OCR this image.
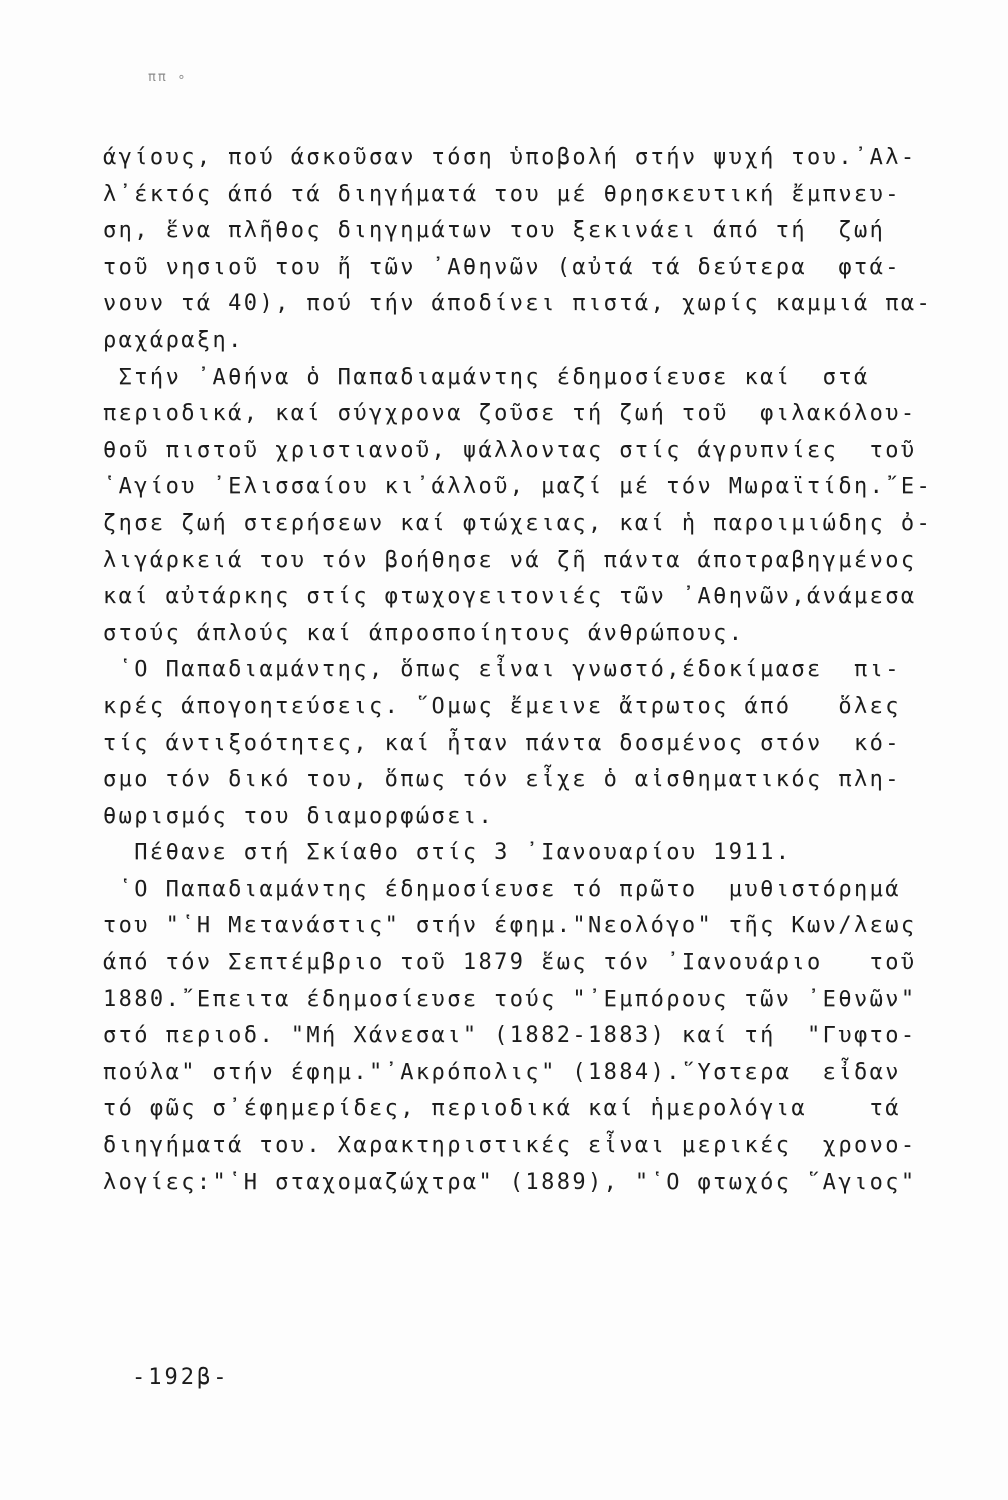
ππ ∘
άγίους, πού άσκοῦσαν τόση ὑποβολή στήν ψυχή του.᾿Αλ-
λ᾿έκτός άπό τά διηγήματά του μέ θρησκευτική ἔμπνευ-
ση, ἕνα πλῆθος διηγημάτων του ξεκινάει άπό τή  ζωή
τοῦ νησιοῦ του ἤ τῶν ᾿Αθηνῶν (αὐτά τά δεύτερα  φτά-
νουν τά 40), πού τήν άποδίνει πιστά, χωρίς καμμιά πα-
ραχάραξη.
Στήν ᾿Αθήνα ὁ Παπαδιαμάντης έδημοσίευσε καί  στά
περιοδικά, καί σύγχρονα ζοῦσε τή ζωή τοῦ  φιλακόλου-
θοῦ πιστοῦ χριστιανοῦ, ψάλλοντας στίς άγρυπνίες  τοῦ
῾Αγίου ᾿Ελισσαίου κι᾿άλλοῦ, μαζί μέ τόν Μωραϊτίδη.῎Ε-
ζησε ζωή στερήσεων καί φτώχειας, καί ἡ παροιμιώδης ὀ-
λιγάρκειά του τόν βοήθησε νά ζῆ πάντα άποτραβηγμένος
καί αὐτάρκης στίς φτωχογειτονιές τῶν ᾿Αθηνῶν,άνάμεσα
στούς άπλούς καί άπροσποίητους άνθρώπους.
῾Ο Παπαδιαμάντης, ὅπως εἶναι γνωστό,έδοκίμασε  πι-
κρές άπογοητεύσεις. ῞Ομως ἔμεινε ἄτρωτος άπό   ὅλες
τίς άντιξοότητες, καί ἦταν πάντα δοσμένος στόν  κό-
σμο τόν δικό του, ὅπως τόν εἶχε ὁ αἰσθηματικός πλη-
θωρισμός του διαμορφώσει.
Πέθανε στή Σκίαθο στίς 3 ᾿Ιανουαρίου 1911.
῾Ο Παπαδιαμάντης έδημοσίευσε τό πρῶτο  μυθιστόρημά
του "῾Η Μετανάστις" στήν έφημ."Νεολόγο" τῆς Κων/λεως
άπό τόν Σεπτέμβριο τοῦ 1879 ἕως τόν ᾿Ιανουάριο   τοῦ
1880.῎Επειτα έδημοσίευσε τούς "᾿Εμπόρους τῶν ᾿Εθνῶν"
στό περιοδ. "Μή Χάνεσαι" (1882-1883) καί τή  "Γυφτο-
πούλα" στήν έφημ."᾿Ακρόπολις" (1884).῞Υστερα  εἶδαν
τό φῶς σ᾿έφημερίδες, περιοδικά καί ἡμερολόγια    τά
διηγήματά του. Χαρακτηριστικές εἶναι μερικές  χρονο-
λογίες:"῾Η σταχομαζώχτρα" (1889), "῾Ο φτωχός ῞Αγιος"
-192β-
